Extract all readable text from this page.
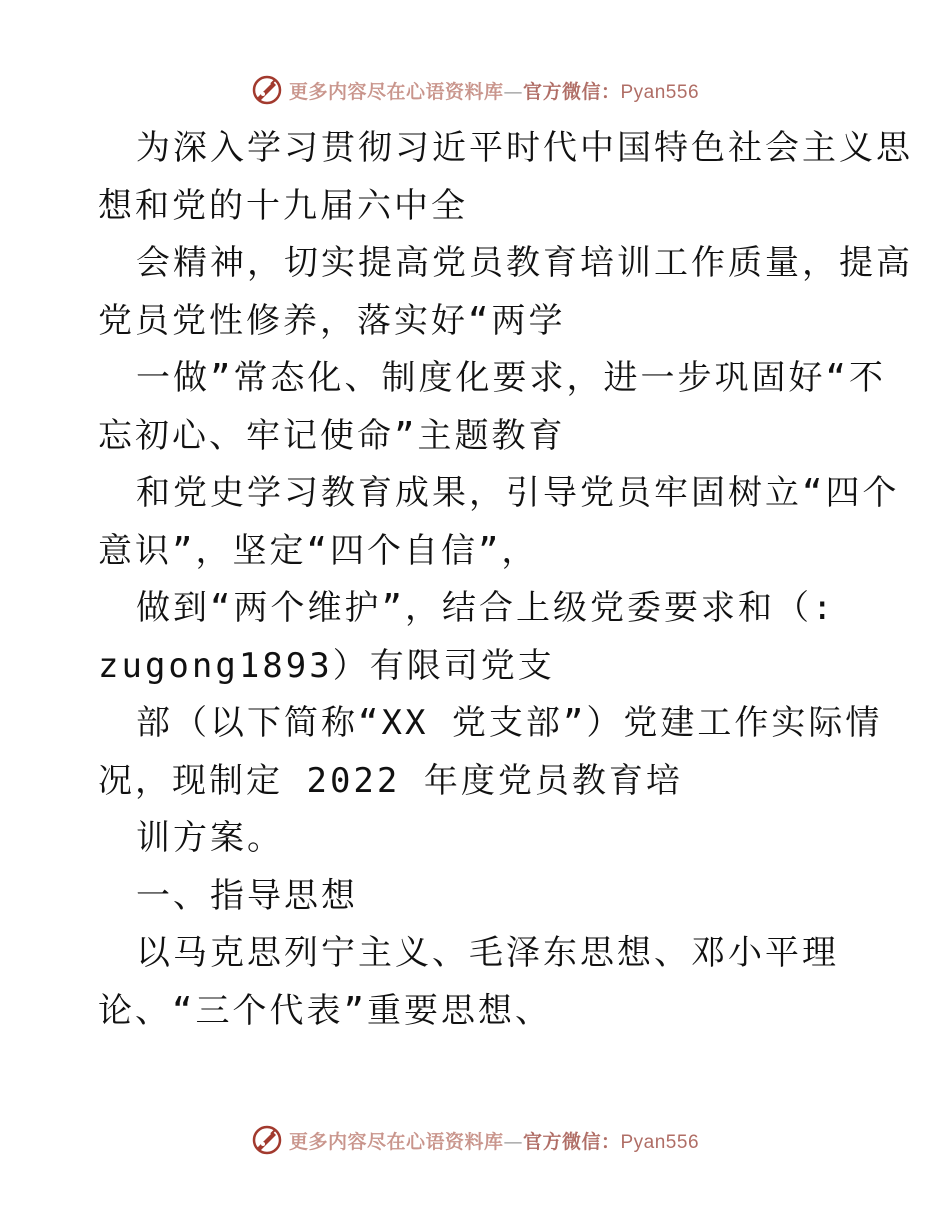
更多内容尽在心语资料库—官方微信：Pyan556
为深入学习贯彻习近平时代中国特色社会主义思
想和党的十九届六中全
会精神，切实提高党员教育培训工作质量，提高
党员党性修养，落实好“两学
一做”常态化、制度化要求，进一步巩固好“不
忘初心、牢记使命”主题教育
和党史学习教育成果，引导党员牢固树立“四个
意识”，坚定“四个自信”，
做到“两个维护”，结合上级党委要求和（:
zugong1893）有限司党支
部（以下简称“XX 党支部”）党建工作实际情
况，现制定 2022 年度党员教育培
训方案。
一、指导思想
以马克思列宁主义、毛泽东思想、邓小平理
论、“三个代表”重要思想、
更多内容尽在心语资料库—官方微信：Pyan556
